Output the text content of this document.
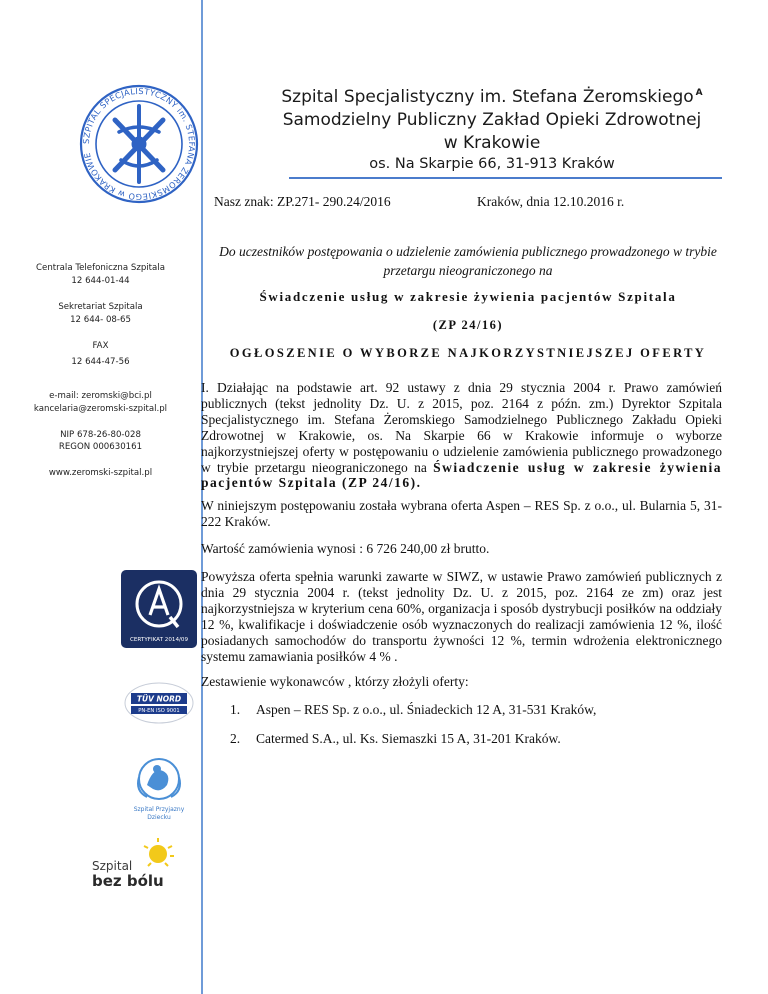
SZPITAL SPECJALISTYCZNY im. STEFANA ŻEROMSKIEGO w KRAKOWIE
Szpital Specjalistyczny im. Stefana Żeromskiego $^A$
Samodzielny Publiczny Zakład Opieki Zdrowotnej
w Krakowie
os. Na Skarpie 66, 31-913 Kraków
Nasz znak: ZP.271- 290.24/2016	Kraków, dnia 12.10.2016 r.
Centrala Telefoniczna Szpitala
12 644-01-44
Sekretariat Szpitala
12 644- 08-65
FAX
12 644-47-56
e-mail: zeromski@bci.pl
kancelaria@zeromski-szpital.pl
NIP 678-26-80-028
REGON 000630161
www.zeromski-szpital.pl
Do uczestników postępowania o udzielenie zamówienia publicznego prowadzonego w trybie przetargu nieograniczonego na
Świadczenie usług w zakresie żywienia pacjentów Szpitala
(ZP 24/16)
OGŁOSZENIE O WYBORZE NAJKORZYSTNIEJSZEJ OFERTY
I. Działając na podstawie art. 92 ustawy z dnia 29 stycznia 2004 r. Prawo zamówień publicznych (tekst jednolity Dz. U. z 2015, poz. 2164 z późn. zm.) Dyrektor Szpitala Specjalistycznego im. Stefana Żeromskiego Samodzielnego Publicznego Zakładu Opieki Zdrowotnej w Krakowie, os. Na Skarpie 66 w Krakowie informuje o wyborze najkorzystniejszej oferty w postępowaniu o udzielenie zamówienia publicznego prowadzonego w trybie przetargu nieograniczonego na Świadczenie usług w zakresie żywienia pacjentów Szpitala (ZP 24/16).
W niniejszym postępowaniu została wybrana oferta Aspen – RES Sp. z o.o., ul. Bularnia 5, 31-222 Kraków.
Wartość zamówienia wynosi : 6 726 240,00 zł brutto.
Powyższa oferta spełnia warunki zawarte w SIWZ, w ustawie Prawo zamówień publicznych z dnia 29 stycznia 2004 r. (tekst jednolity Dz. U. z 2015, poz. 2164 ze zm) oraz jest najkorzystniejsza w kryterium cena 60%, organizacja i sposób dystrybucji posiłków na oddziały 12 %, kwalifikacje i doświadczenie osób wyznaczonych do realizacji zamówienia 12 %, ilość posiadanych samochodów do transportu żywności 12 %, termin wdrożenia elektronicznego systemu zamawiania posiłków 4 % .
Zestawienie wykonawców , którzy złożyli oferty:
1. Aspen – RES Sp. z o.o., ul. Śniadeckich 12 A, 31-531 Kraków,
2. Catermed S.A., ul. Ks. Siemaszki 15 A, 31-201 Kraków.
CERTYFIKAT 2014/09
TÜV NORD
PN-EN ISO 9001
Szpital Przyjazny
Dziecku
Szpital
bez bólu
